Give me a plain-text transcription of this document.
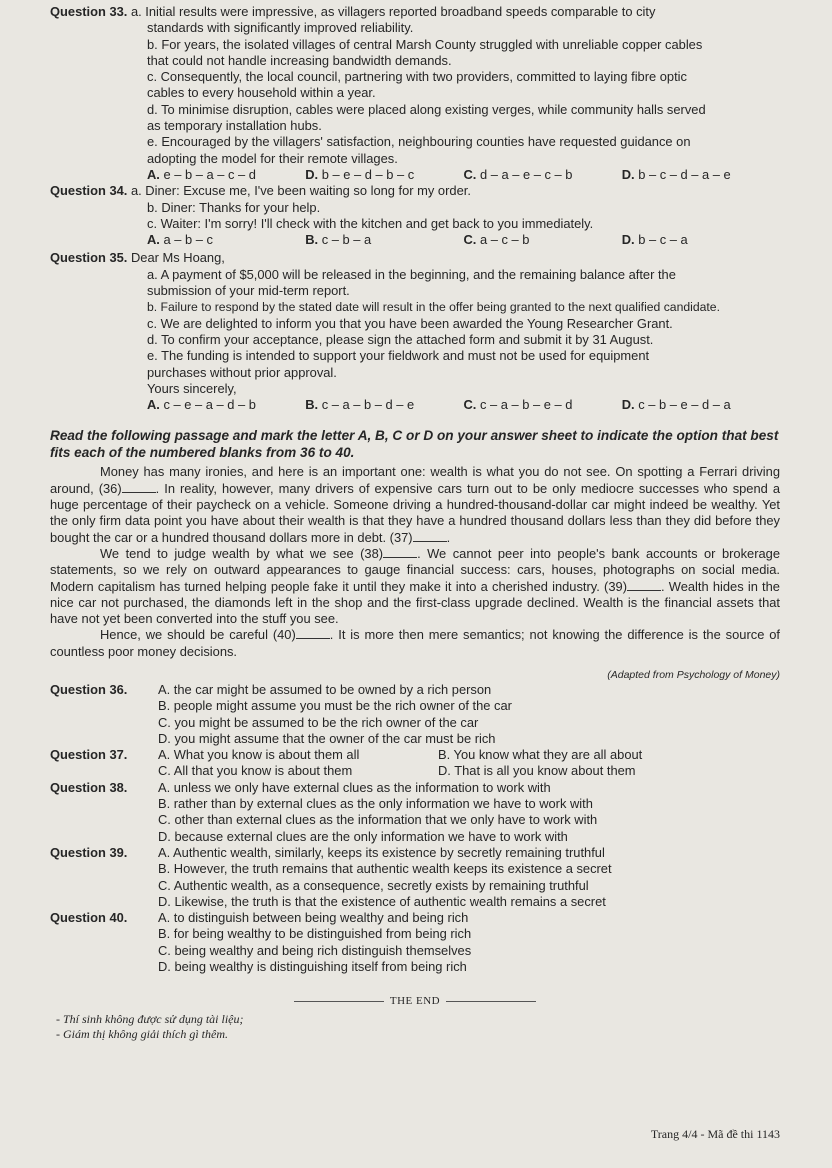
Question 33. a. Initial results were impressive, as villagers reported broadband speeds comparable to city
standards with significantly improved reliability.
b. For years, the isolated villages of central Marsh County struggled with unreliable copper cables
that could not handle increasing bandwidth demands.
c. Consequently, the local council, partnering with two providers, committed to laying fibre optic
cables to every household within a year.
d. To minimise disruption, cables were placed along existing verges, while community halls served
as temporary installation hubs.
e. Encouraged by the villagers' satisfaction, neighbouring counties have requested guidance on
adopting the model for their remote villages.
A. e – b – a – c – d	D. b – e – d – b – c	C. d – a – e – c – b	D. b – c – d – a – e
Question 34. a. Diner: Excuse me, I've been waiting so long for my order.
b. Diner: Thanks for your help.
c. Waiter: I'm sorry! I'll check with the kitchen and get back to you immediately.
A. a – b – c	B. c – b – a	C. a – c – b	D. b – c – a
Question 35. Dear Ms Hoang,
a. A payment of $5,000 will be released in the beginning, and the remaining balance after the
submission of your mid-term report.
b. Failure to respond by the stated date will result in the offer being granted to the next qualified candidate.
c. We are delighted to inform you that you have been awarded the Young Researcher Grant.
d. To confirm your acceptance, please sign the attached form and submit it by 31 August.
e. The funding is intended to support your fieldwork and must not be used for equipment
purchases without prior approval.
Yours sincerely,
A. c – e – a – d – b	B. c – a – b – d – e	C. c – a – b – e – d	D. c – b – e – d – a
Read the following passage and mark the letter A, B, C or D on your answer sheet to indicate the option that best fits each of the numbered blanks from 36 to 40.

Money has many ironies, and here is an important one: wealth is what you do not see. On spotting a Ferrari driving around, (36)	. In reality, however, many drivers of expensive cars turn out to be only mediocre successes who spend a huge percentage of their paycheck on a vehicle. Someone driving a hundred-thousand-dollar car might indeed be wealthy. Yet the only firm data point you have about their wealth is that they have a hundred thousand dollars less than they did before they bought the car or a hundred thousand dollars more in debt. (37)	.

We tend to judge wealth by what we see (38)	. We cannot peer into people's bank accounts or brokerage statements, so we rely on outward appearances to gauge financial success: cars, houses, photographs on social media. Modern capitalism has turned helping people fake it until they make it into a cherished industry. (39)	. Wealth hides in the nice car not purchased, the diamonds left in the shop and the first-class upgrade declined. Wealth is the financial assets that have not yet been converted into the stuff you see.

Hence, we should be careful (40)	. It is more then mere semantics; not knowing the difference is the source of countless poor money decisions.

(Adapted from Psychology of Money)
Question 36.	A. the car might be assumed to be owned by a rich person
B. people might assume you must be the rich owner of the car
C. you might be assumed to be the rich owner of the car
D. you might assume that the owner of the car must be rich
Question 37.	A. What you know is about them all	B. You know what they are all about
C. All that you know is about them	D. That is all you know about them
Question 38.	A. unless we only have external clues as the information to work with
B. rather than by external clues as the only information we have to work with
C. other than external clues as the information that we only have to work with
D. because external clues are the only information we have to work with
Question 39.	A. Authentic wealth, similarly, keeps its existence by secretly remaining truthful
B. However, the truth remains that authentic wealth keeps its existence a secret
C. Authentic wealth, as a consequence, secretly exists by remaining truthful
D. Likewise, the truth is that the existence of authentic wealth remains a secret
Question 40.	A. to distinguish between being wealthy and being rich
B. for being wealthy to be distinguished from being rich
C. being wealthy and being rich distinguish themselves
D. being wealthy is distinguishing itself from being rich
THE END
- Thí sinh không được sử dụng tài liệu;
- Giám thị không giải thích gì thêm.
Trang 4/4 - Mã đề thi 1143
